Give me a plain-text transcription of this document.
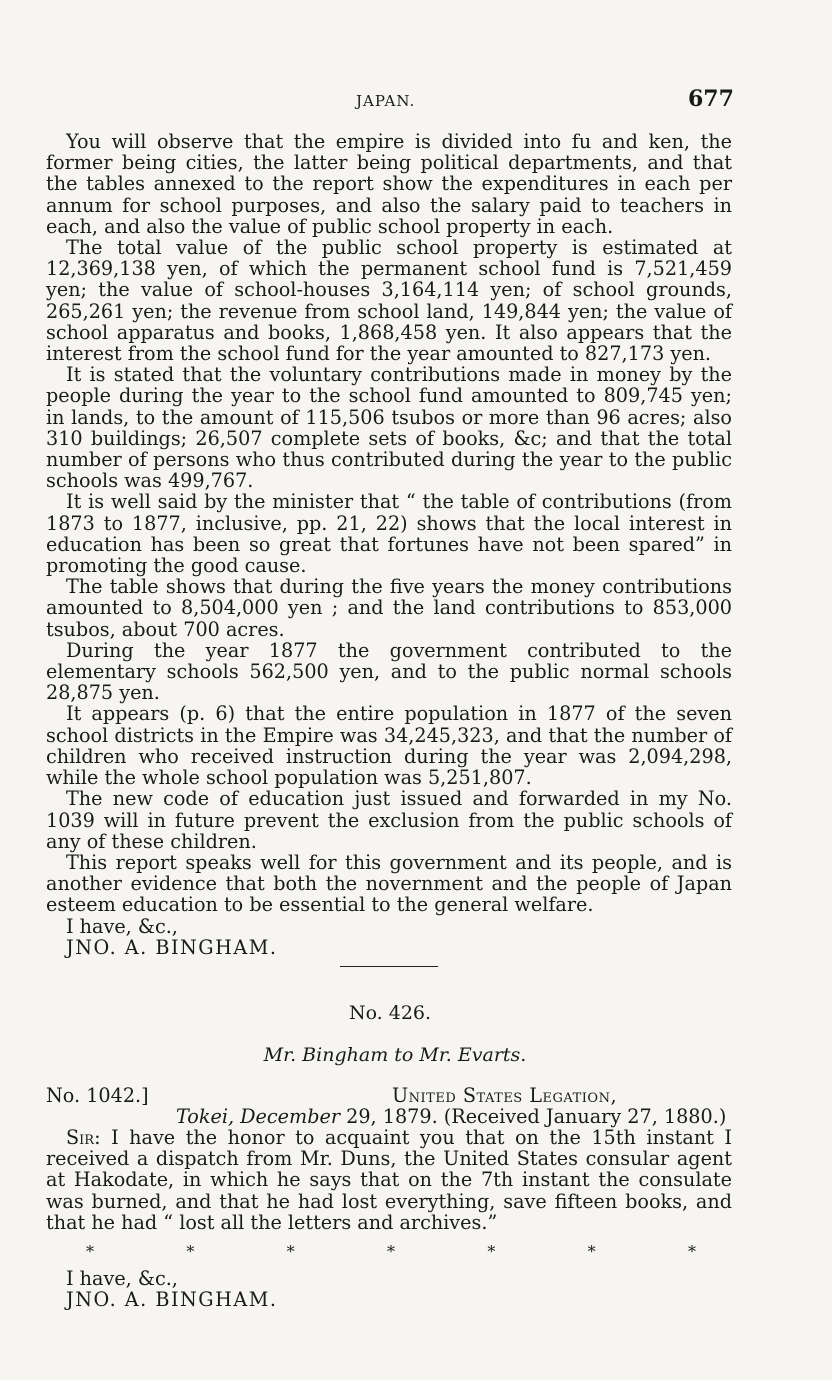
JAPAN.	677

You will observe that the empire is divided into fu and ken, the former being cities, the latter being political departments, and that the tables annexed to the report show the expenditures in each per annum for school purposes, and also the salary paid to teachers in each, and also the value of public school property in each.

The total value of the public school property is estimated at 12,369,138 yen, of which the permanent school fund is 7,521,459 yen; the value of school-houses 3,164,114 yen; of school grounds, 265,261 yen; the revenue from school land, 149,844 yen; the value of school apparatus and books, 1,868,458 yen. It also appears that the interest from the school fund for the year amounted to 827,173 yen.

It is stated that the voluntary contributions made in money by the people during the year to the school fund amounted to 809,745 yen; in lands, to the amount of 115,506 tsubos or more than 96 acres; also 310 buildings; 26,507 complete sets of books, &c; and that the total number of persons who thus contributed during the year to the public schools was 499,767.

It is well said by the minister that “ the table of contributions (from 1873 to 1877, inclusive, pp. 21, 22) shows that the local interest in education has been so great that fortunes have not been spared” in promoting the good cause.

The table shows that during the five years the money contributions amounted to 8,504,000 yen ; and the land contributions to 853,000 tsubos, about 700 acres.

During the year 1877 the government contributed to the elementary schools 562,500 yen, and to the public normal schools 28,875 yen.

It appears (p. 6) that the entire population in 1877 of the seven school districts in the Empire was 34,245,323, and that the number of children who received instruction during the year was 2,094,298, while the whole school population was 5,251,807.

The new code of education just issued and forwarded in my No. 1039 will in future prevent the exclusion from the public schools of any of these children.

This report speaks well for this government and its people, and is another evidence that both the novernment and the people of Japan esteem education to be essential to the general welfare.

I have, &c.,

JNO. A. BINGHAM.

No. 426.
Mr. Bingham to Mr. Evarts.
No. 1042.]	United States Legation,
Tokei, December 29, 1879. (Received January 27, 1880.)

Sir: I have the honor to acquaint you that on the 15th instant I received a dispatch from Mr. Duns, the United States consular agent at Hakodate, in which he says that on the 7th instant the consulate was burned, and that he had lost everything, save fifteen books, and that he had “ lost all the letters and archives.”

*	*	*	*	*	*	*

I have, &c.,

JNO. A. BINGHAM.
